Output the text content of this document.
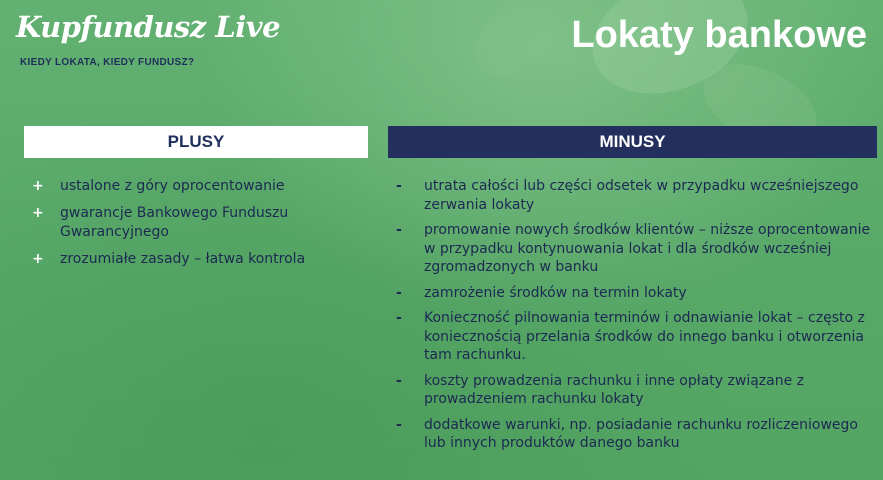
Kupfundusz Live
KIEDY LOKATA, KIEDY FUNDUSZ?
Lokaty bankowe
PLUSY	MINUSY
+	ustalone z góry oprocentowanie
+	gwarancje Bankowego Funduszu Gwarancyjnego
+	zrozumiałe zasady – łatwa kontrola
-	utrata całości lub części odsetek w przypadku wcześniejszego zerwania lokaty
-	promowanie nowych środków klientów – niższe oprocentowanie w przypadku kontynuowania lokat i dla środków wcześniej zgromadzonych w banku
-	zamrożenie środków na termin lokaty
-	Konieczność pilnowania terminów i odnawianie lokat – często z koniecznością przelania środków do innego banku i otworzenia tam rachunku.
-	koszty prowadzenia rachunku i inne opłaty związane z prowadzeniem rachunku lokaty
-	dodatkowe warunki, np. posiadanie rachunku rozliczeniowego lub innych produktów danego banku
